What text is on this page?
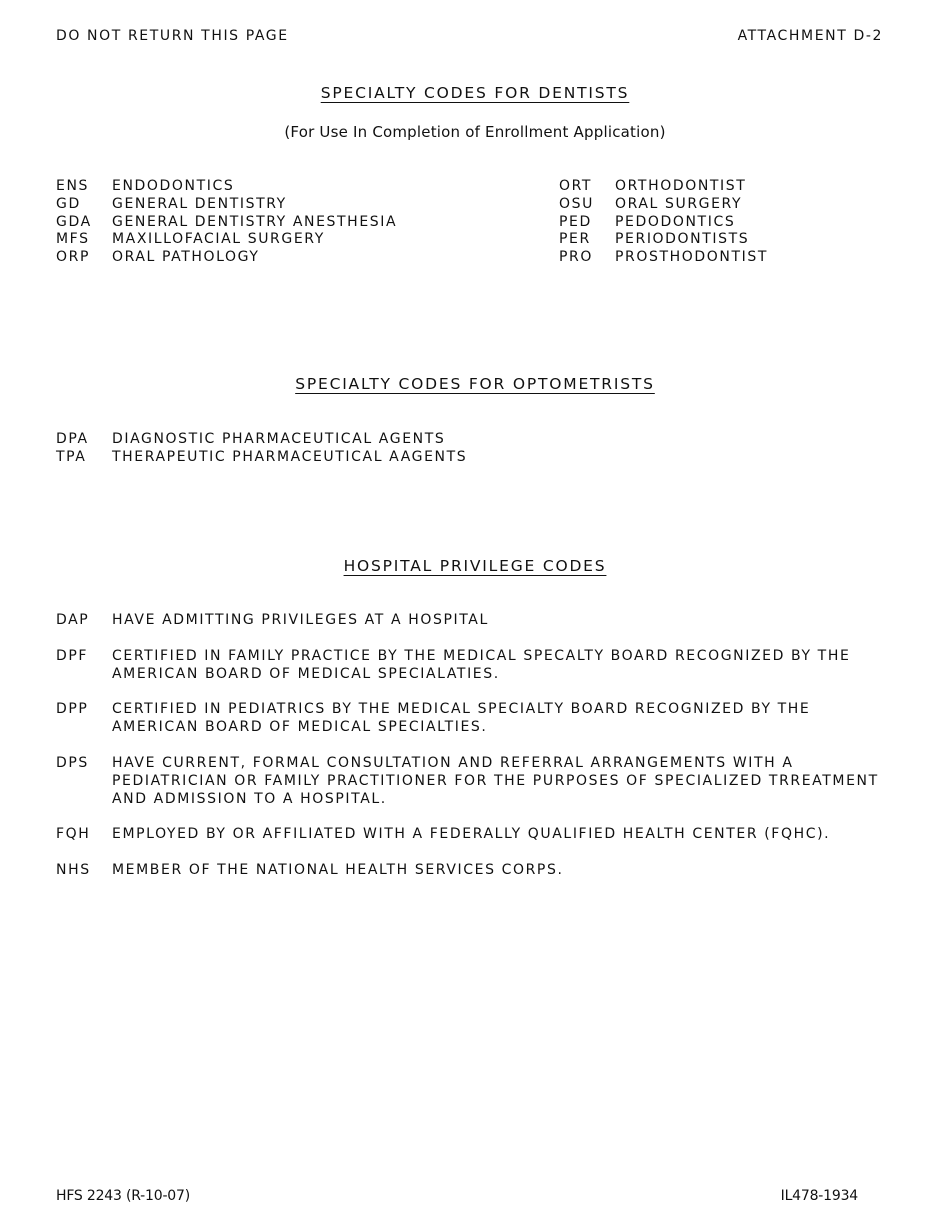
DO NOT RETURN THIS PAGE	ATTACHMENT D-2
SPECIALTY CODES FOR DENTISTS
(For Use In Completion of Enrollment Application)
ENS	ENDODONTICS
GD	GENERAL DENTISTRY
GDA	GENERAL DENTISTRY ANESTHESIA
MFS	MAXILLOFACIAL SURGERY
ORP	ORAL PATHOLOGY
ORT	ORTHODONTIST
OSU	ORAL SURGERY
PED	PEDODONTICS
PER	PERIODONTISTS
PRO	PROSTHODONTIST
SPECIALTY CODES FOR OPTOMETRISTS
DPA	DIAGNOSTIC PHARMACEUTICAL AGENTS
TPA	THERAPEUTIC PHARMACEUTICAL AAGENTS
HOSPITAL PRIVILEGE CODES
DAP	HAVE ADMITTING PRIVILEGES AT A HOSPITAL
DPF	CERTIFIED IN FAMILY PRACTICE BY THE MEDICAL SPECALTY BOARD RECOGNIZED BY THE AMERICAN BOARD OF MEDICAL SPECIALATIES.
DPP	CERTIFIED IN PEDIATRICS BY THE MEDICAL SPECIALTY BOARD RECOGNIZED BY THE AMERICAN BOARD OF MEDICAL SPECIALTIES.
DPS	HAVE CURRENT, FORMAL CONSULTATION AND REFERRAL ARRANGEMENTS WITH A PEDIATRICIAN OR FAMILY PRACTITIONER FOR THE PURPOSES OF SPECIALIZED TRREATMENT AND ADMISSION TO A HOSPITAL.
FQH	EMPLOYED BY OR AFFILIATED WITH A FEDERALLY QUALIFIED HEALTH CENTER (FQHC).
NHS	MEMBER OF THE NATIONAL HEALTH SERVICES CORPS.
HFS 2243 (R-10-07)	IL478-1934
